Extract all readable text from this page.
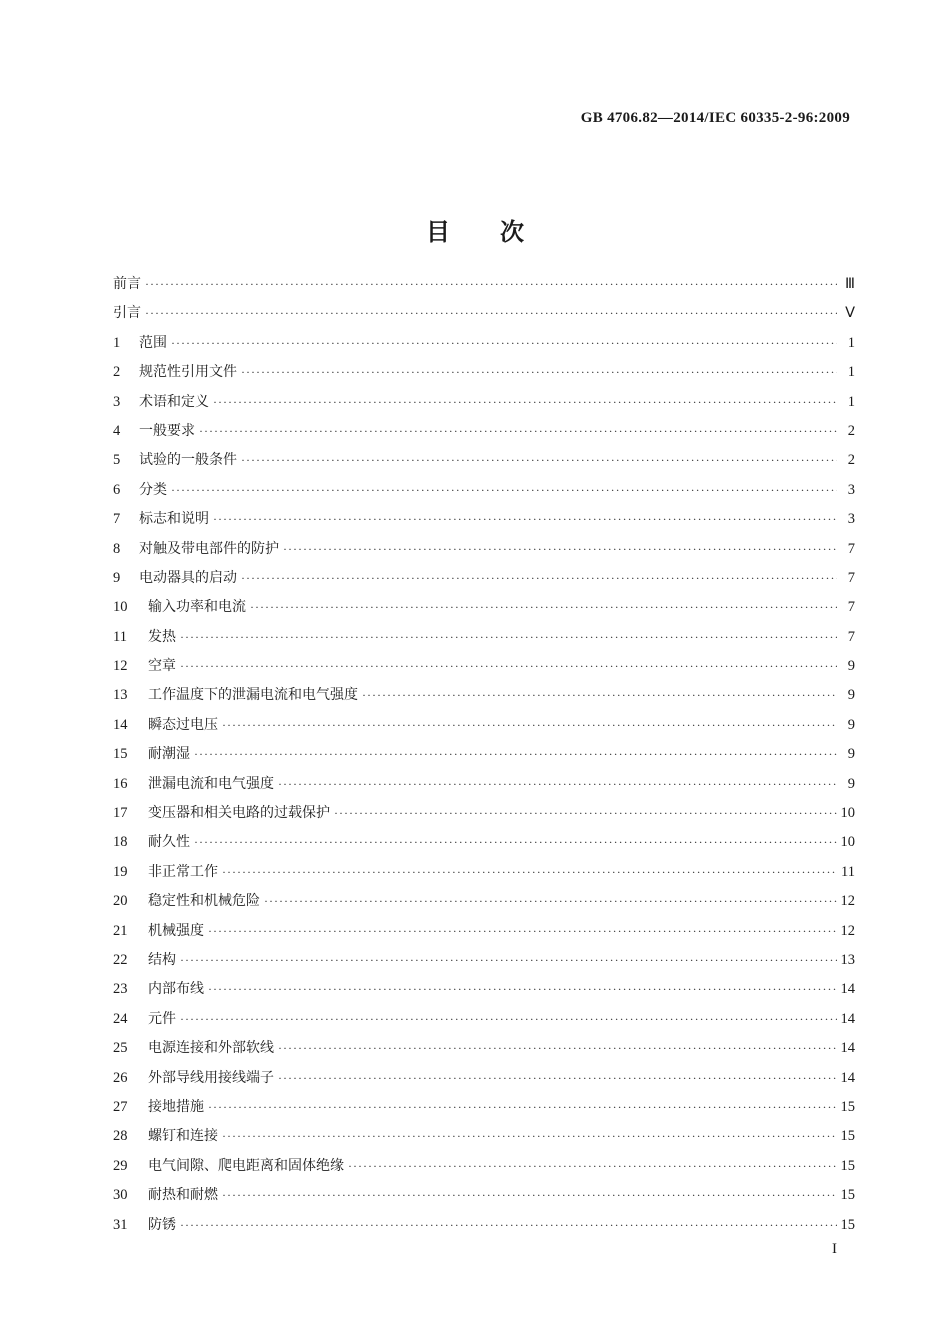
GB 4706.82—2014/IEC 60335-2-96:2009
目次
前言 ·····	Ⅲ
引言 ·····	Ⅴ
1	范围 ·····	1
2	规范性引用文件 ·····	1
3	术语和定义 ·····	1
4	一般要求 ·····	2
5	试验的一般条件 ·····	2
6	分类 ·····	3
7	标志和说明 ·····	3
8	对触及带电部件的防护 ·····	7
9	电动器具的启动 ·····	7
10	输入功率和电流 ·····	7
11	发热 ·····	7
12	空章 ·····	9
13	工作温度下的泄漏电流和电气强度 ·····	9
14	瞬态过电压 ·····	9
15	耐潮湿 ·····	9
16	泄漏电流和电气强度 ·····	9
17	变压器和相关电路的过载保护 ·····	10
18	耐久性 ·····	10
19	非正常工作 ·····	11
20	稳定性和机械危险 ·····	12
21	机械强度 ·····	12
22	结构 ·····	13
23	内部布线 ·····	14
24	元件 ·····	14
25	电源连接和外部软线 ·····	14
26	外部导线用接线端子 ·····	14
27	接地措施 ·····	15
28	螺钉和连接 ·····	15
29	电气间隙、爬电距离和固体绝缘 ·····	15
30	耐热和耐燃 ·····	15
31	防锈 ·····	15
I
